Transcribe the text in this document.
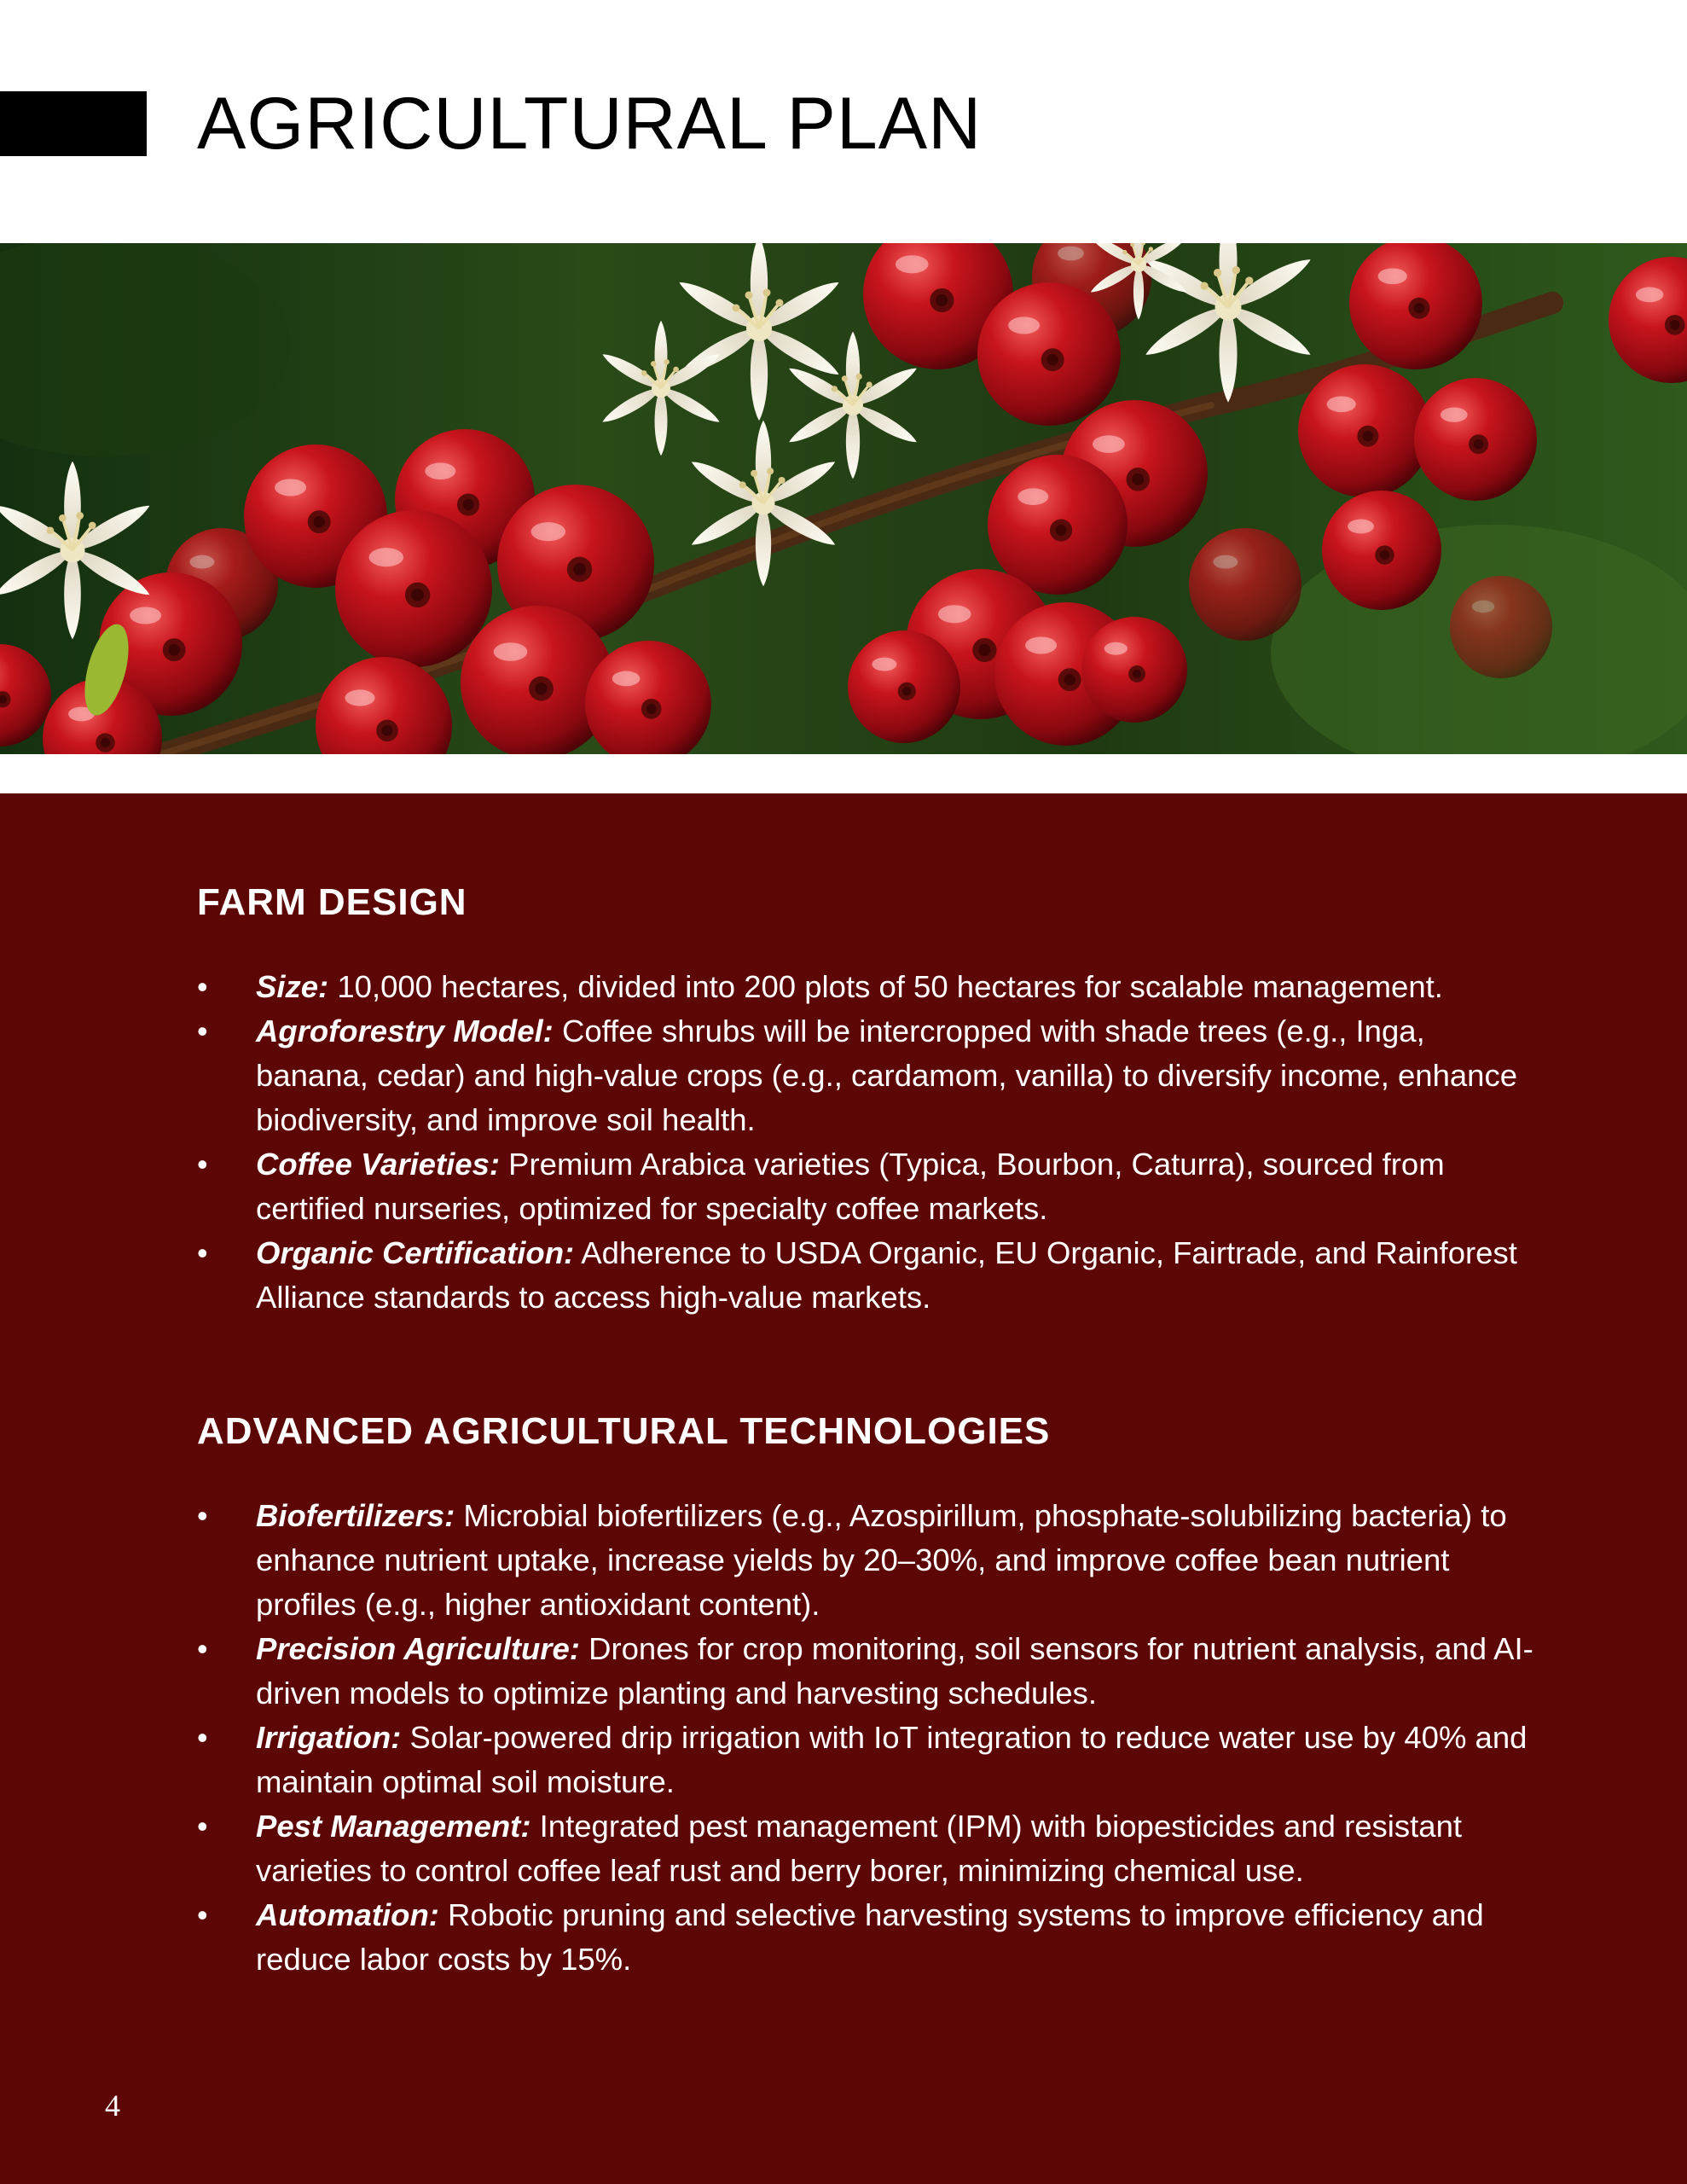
AGRICULTURAL PLAN
FARM DESIGN
• Size: 10,000 hectares, divided into 200 plots of 50 hectares for scalable management.
• Agroforestry Model: Coffee shrubs will be intercropped with shade trees (e.g., Inga, banana, cedar) and high-value crops (e.g., cardamom, vanilla) to diversify income, enhance biodiversity, and improve soil health.
• Coffee Varieties: Premium Arabica varieties (Typica, Bourbon, Caturra), sourced from certified nurseries, optimized for specialty coffee markets.
• Organic Certification: Adherence to USDA Organic, EU Organic, Fairtrade, and Rainforest Alliance standards to access high-value markets.
ADVANCED AGRICULTURAL TECHNOLOGIES
• Biofertilizers: Microbial biofertilizers (e.g., Azospirillum, phosphate-solubilizing bacteria) to enhance nutrient uptake, increase yields by 20–30%, and improve coffee bean nutrient profiles (e.g., higher antioxidant content).
• Precision Agriculture: Drones for crop monitoring, soil sensors for nutrient analysis, and AI-driven models to optimize planting and harvesting schedules.
• Irrigation: Solar-powered drip irrigation with IoT integration to reduce water use by 40% and maintain optimal soil moisture.
• Pest Management: Integrated pest management (IPM) with biopesticides and resistant varieties to control coffee leaf rust and berry borer, minimizing chemical use.
• Automation: Robotic pruning and selective harvesting systems to improve efficiency and reduce labor costs by 15%.
4
